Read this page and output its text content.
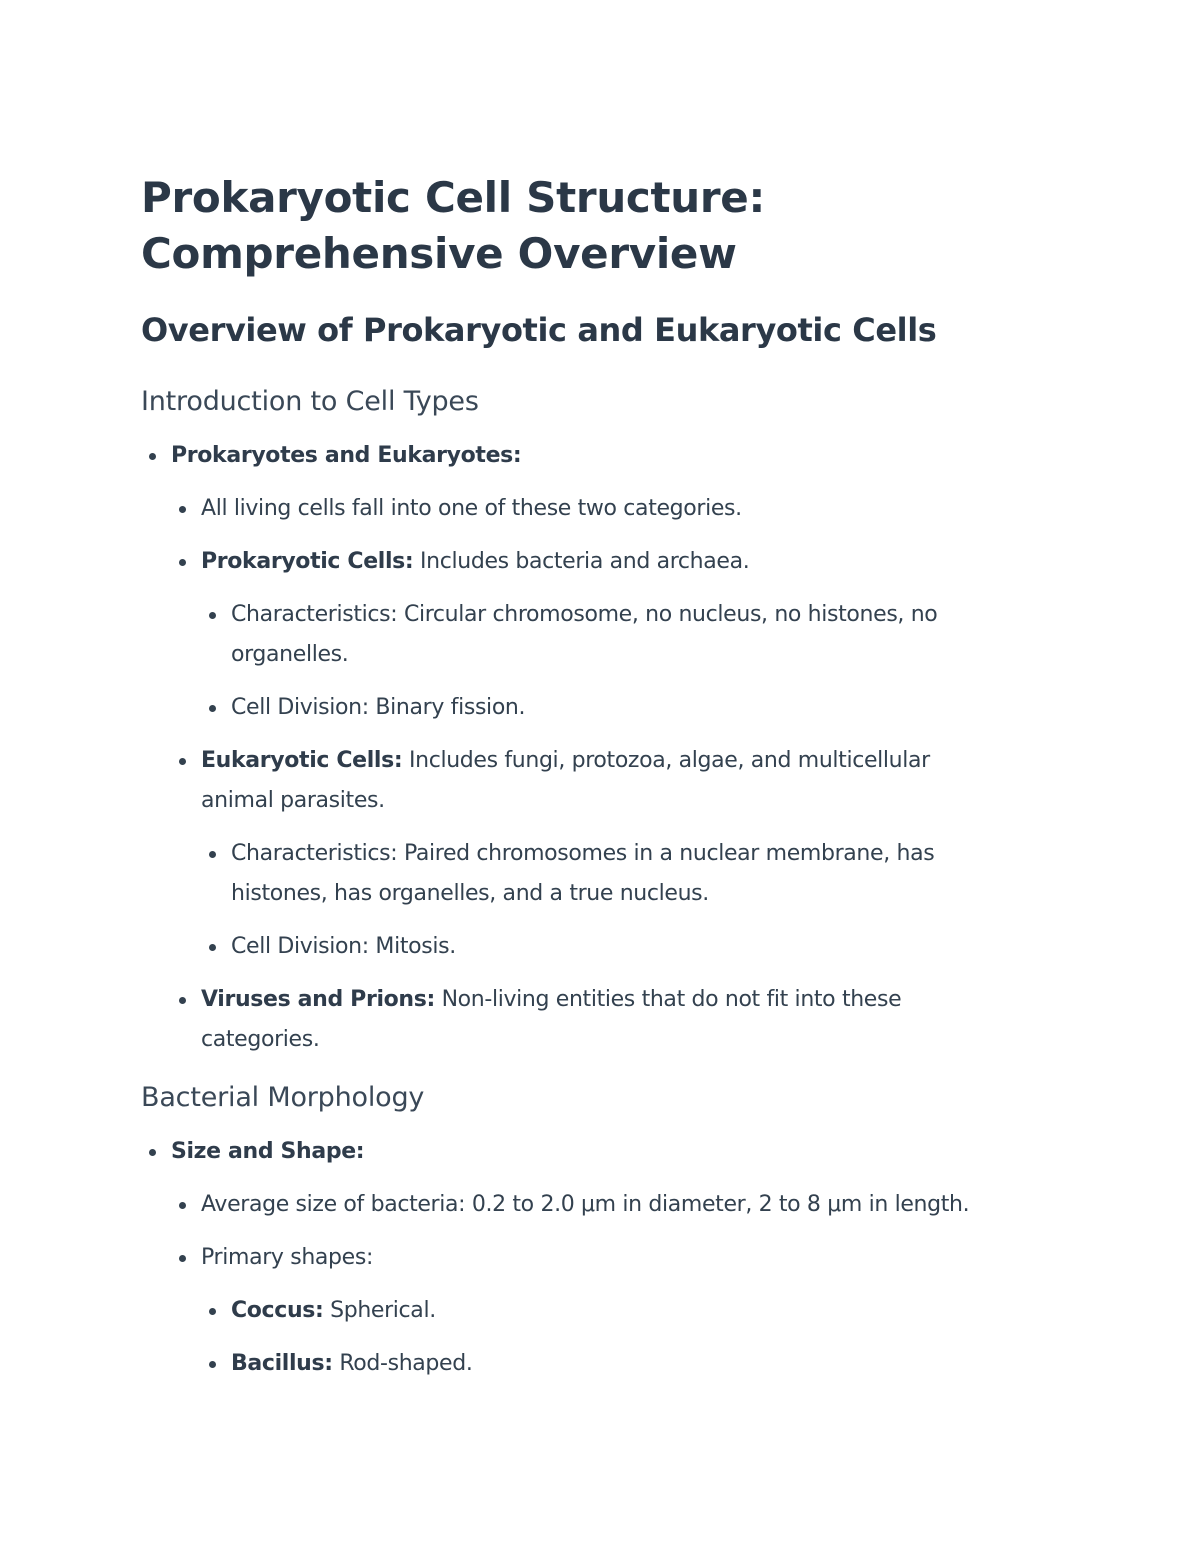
Prokaryotic Cell Structure:
Comprehensive Overview
Overview of Prokaryotic and Eukaryotic Cells
Introduction to Cell Types
Prokaryotes and Eukaryotes:
All living cells fall into one of these two categories.
Prokaryotic Cells: Includes bacteria and archaea.
Characteristics: Circular chromosome, no nucleus, no histones, no
organelles.
Cell Division: Binary fission.
Eukaryotic Cells: Includes fungi, protozoa, algae, and multicellular
animal parasites.
Characteristics: Paired chromosomes in a nuclear membrane, has
histones, has organelles, and a true nucleus.
Cell Division: Mitosis.
Viruses and Prions: Non-living entities that do not fit into these
categories.
Bacterial Morphology
Size and Shape:
Average size of bacteria: 0.2 to 2.0 μm in diameter, 2 to 8 μm in length.
Primary shapes:
Coccus: Spherical.
Bacillus: Rod-shaped.
